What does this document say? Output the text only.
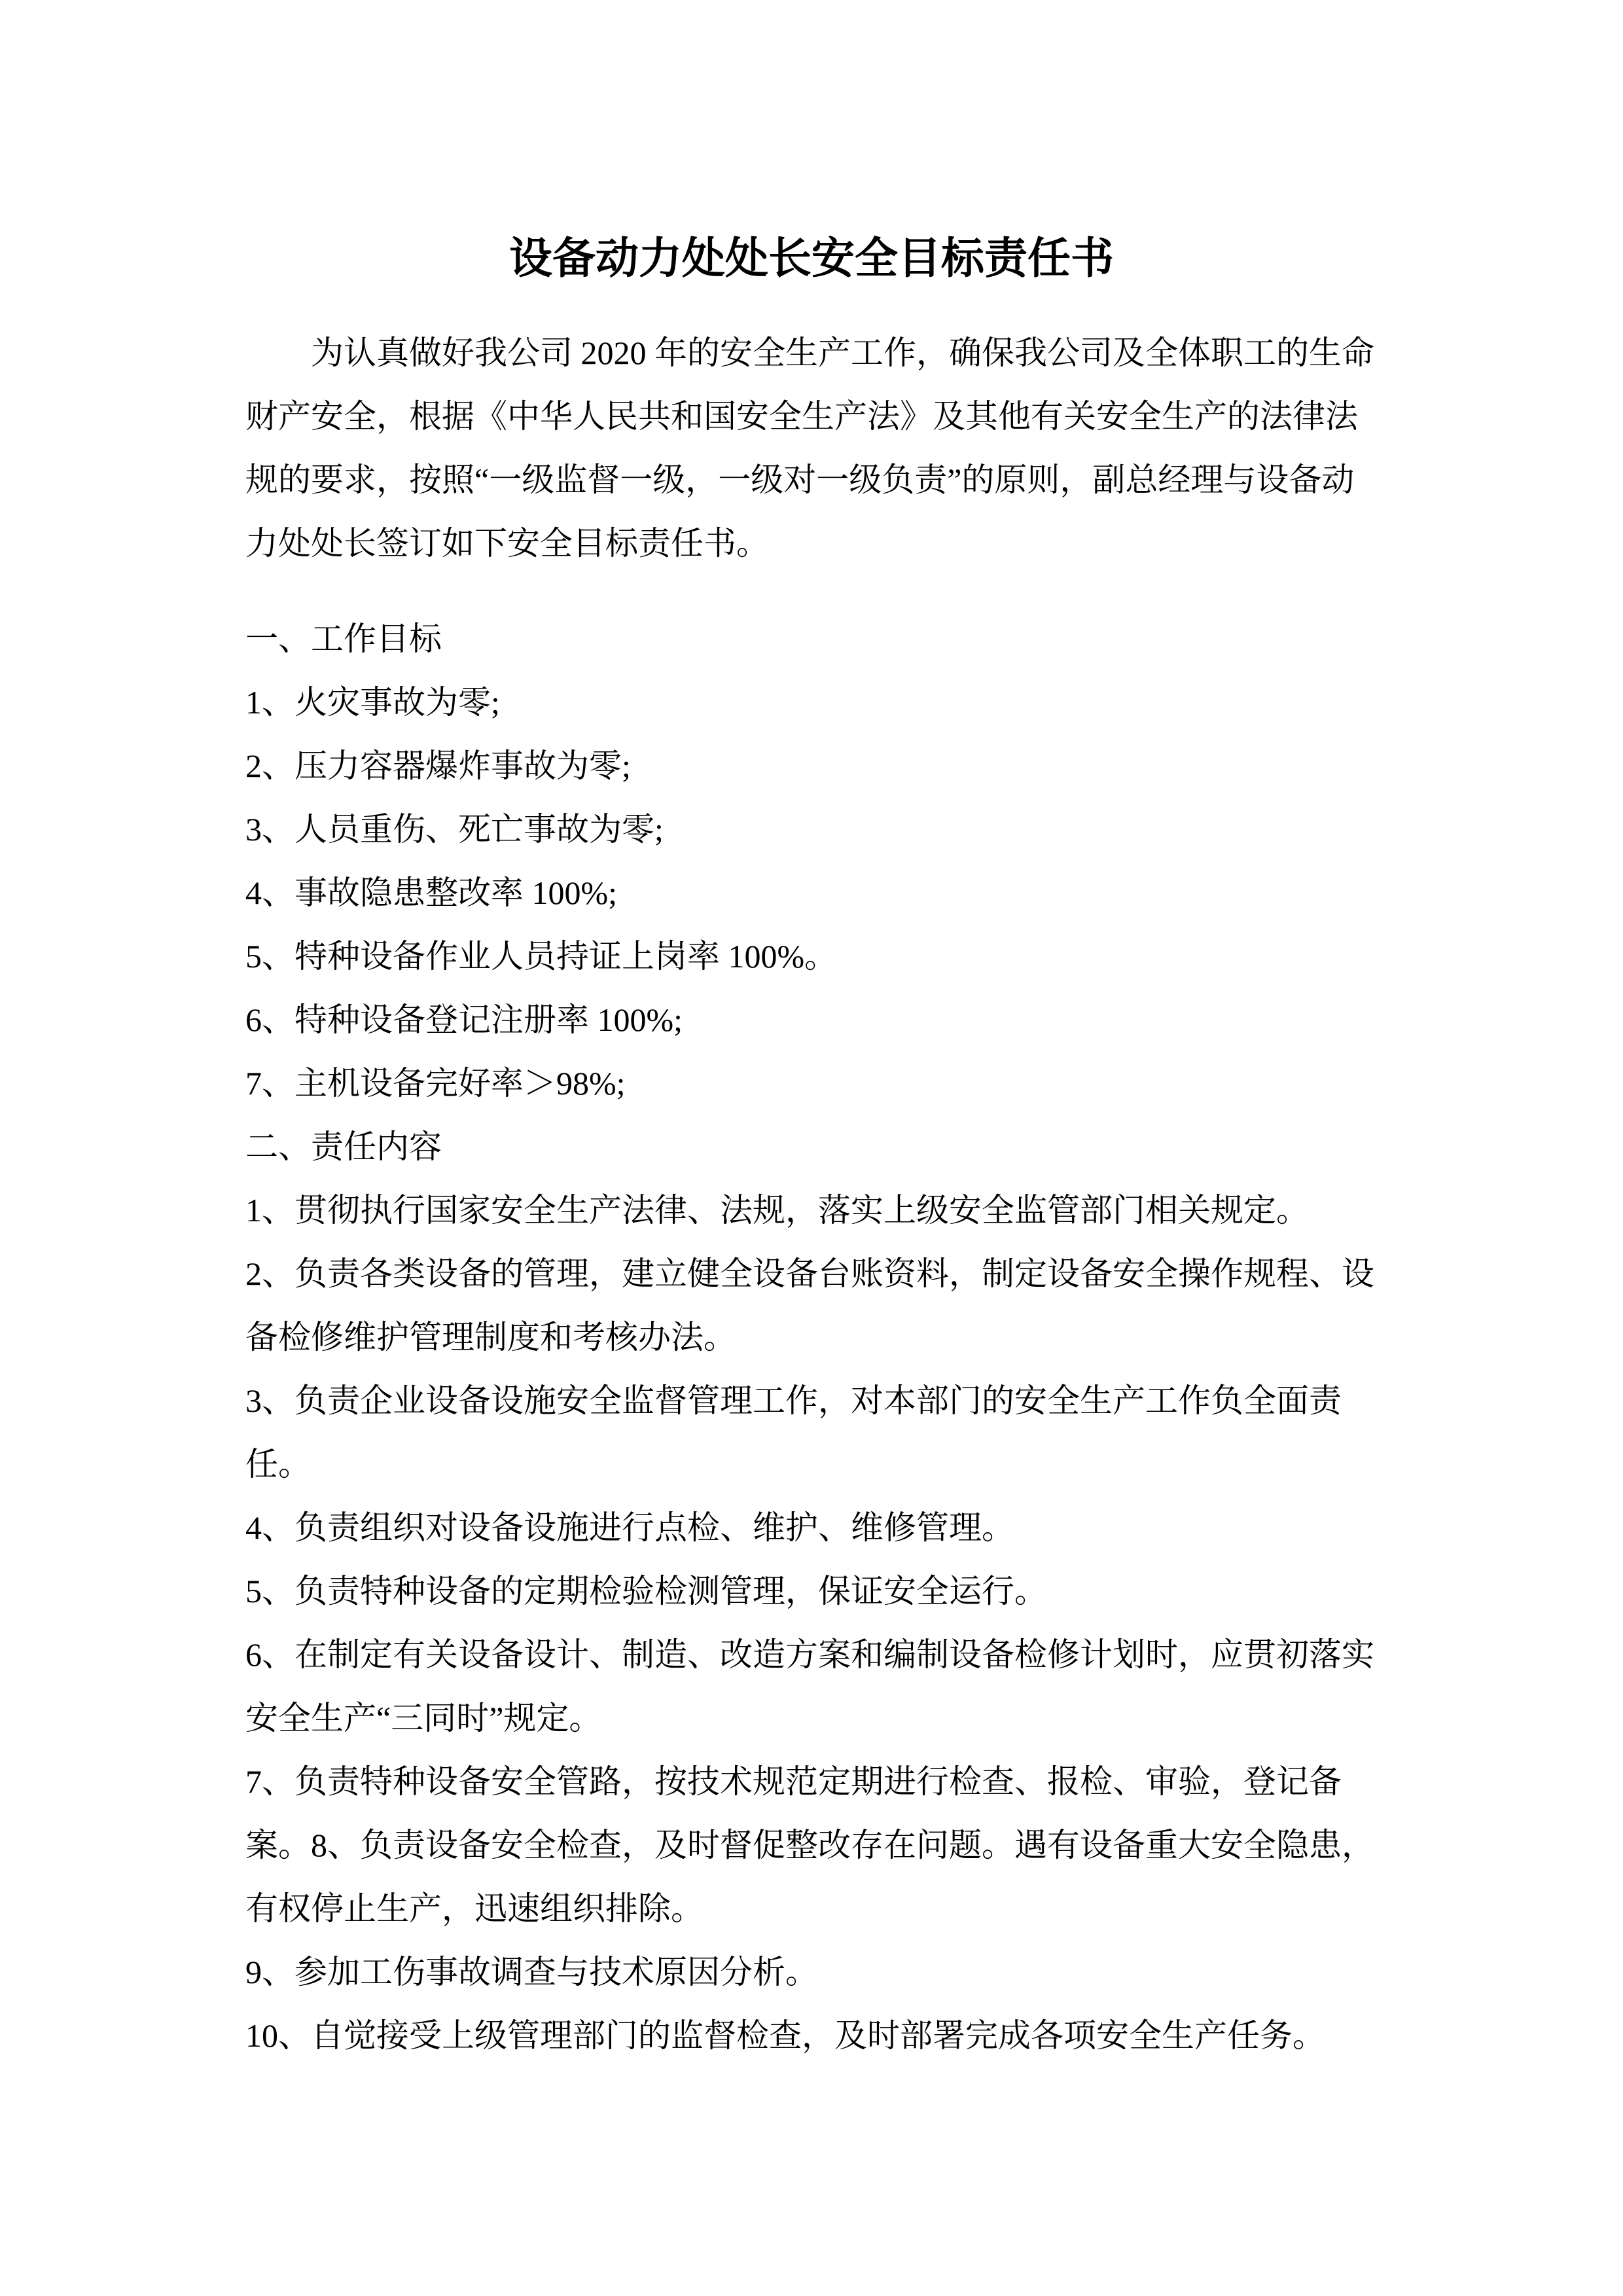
设备动力处处长安全目标责任书
为认真做好我公司 2020 年的安全生产工作，确保我公司及全体职工的生命
财产安全，根据《中华人民共和国安全生产法》及其他有关安全生产的法律法
规的要求，按照“一级监督一级，一级对一级负责”的原则，副总经理与设备动
力处处长签订如下安全目标责任书。
一、工作目标
1、火灾事故为零;
2、压力容器爆炸事故为零;
3、人员重伤、死亡事故为零;
4、事故隐患整改率 100%;
5、特种设备作业人员持证上岗率 100%。
6、特种设备登记注册率 100%;
7、主机设备完好率＞98%;
二、责任内容
1、贯彻执行国家安全生产法律、法规，落实上级安全监管部门相关规定。
2、负责各类设备的管理，建立健全设备台账资料，制定设备安全操作规程、设
备检修维护管理制度和考核办法。
3、负责企业设备设施安全监督管理工作，对本部门的安全生产工作负全面责
任。
4、负责组织对设备设施进行点检、维护、维修管理。
5、负责特种设备的定期检验检测管理，保证安全运行。
6、在制定有关设备设计、制造、改造方案和编制设备检修计划时，应贯初落实
安全生产“三同时”规定。
7、负责特种设备安全管路，按技术规范定期进行检查、报检、审验，登记备
案。8、负责设备安全检查，及时督促整改存在问题。遇有设备重大安全隐患，
有权停止生产，迅速组织排除。
9、参加工伤事故调查与技术原因分析。
10、自觉接受上级管理部门的监督检查，及时部署完成各项安全生产任务。
